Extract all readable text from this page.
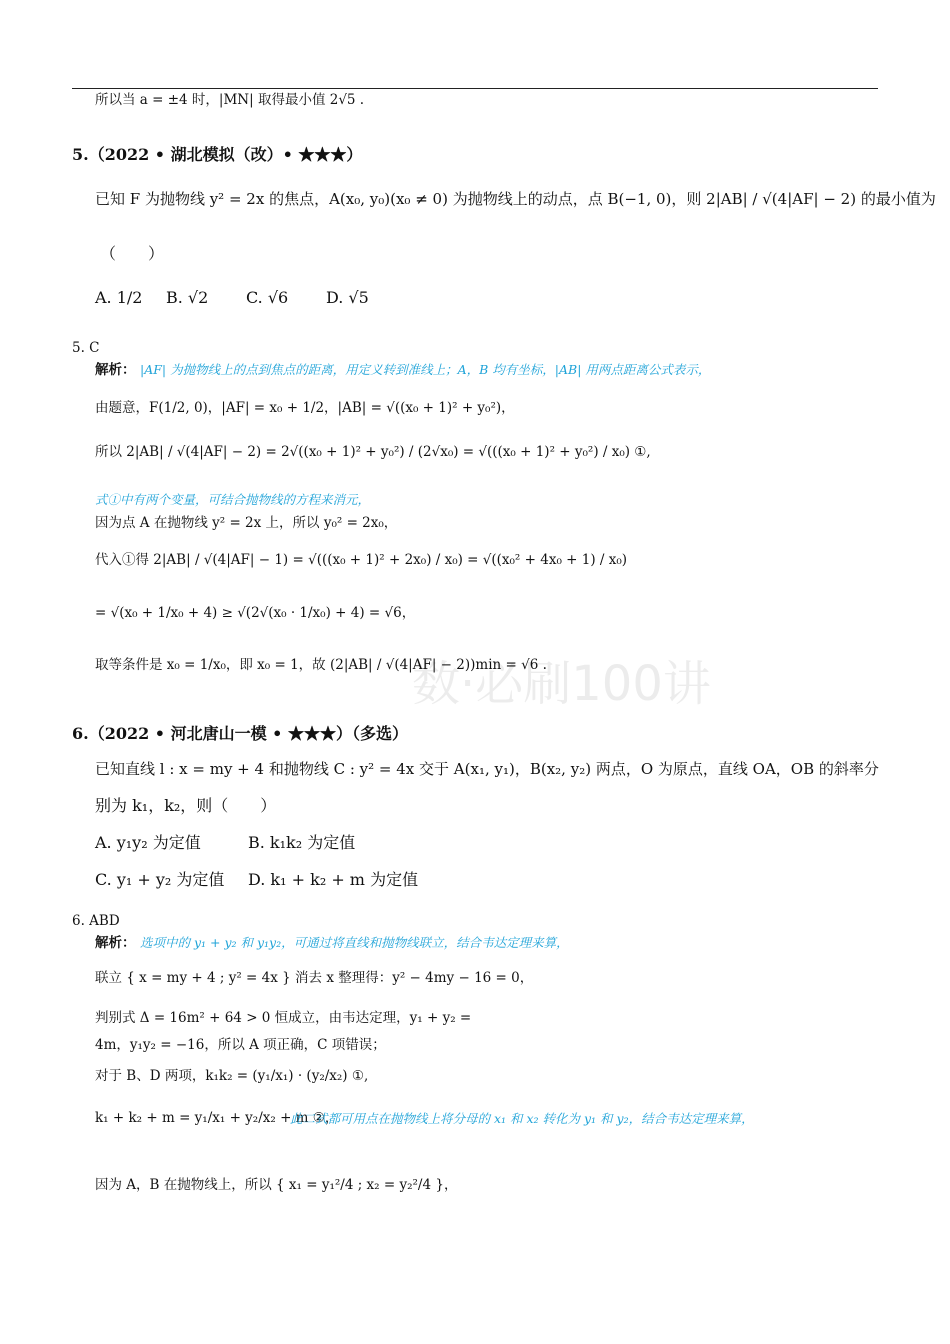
数·必刷100讲
所以当 a = ±4 时，|MN| 取得最小值 2√5 .
5.（2022 • 湖北模拟（改）• ★★★）
已知 F 为抛物线 y² = 2x 的焦点，A(x₀, y₀)(x₀ ≠ 0) 为抛物线上的动点，点 B(−1, 0)，则 2|AB| / √(4|AF| − 2) 的最小值为
（　　）
A. 1/2 B. √2 C. √6 D. √5
5. C
解析： |AF| 为抛物线上的点到焦点的距离，用定义转到准线上；A，B 均有坐标，|AB| 用两点距离公式表示，
由题意，F(1/2, 0)，|AF| = x₀ + 1/2，|AB| = √((x₀ + 1)² + y₀²)，
所以 2|AB| / √(4|AF| − 2) = 2√((x₀ + 1)² + y₀²) / (2√x₀) = √(((x₀ + 1)² + y₀²) / x₀) ①,
式①中有两个变量，可结合抛物线的方程来消元，
因为点 A 在抛物线 y² = 2x 上，所以 y₀² = 2x₀，
代入①得 2|AB| / √(4|AF| − 1) = √(((x₀ + 1)² + 2x₀) / x₀) = √((x₀² + 4x₀ + 1) / x₀)
= √(x₀ + 1/x₀ + 4) ≥ √(2√(x₀ · 1/x₀) + 4) = √6，
取等条件是 x₀ = 1/x₀，即 x₀ = 1，故 (2|AB| / √(4|AF| − 2))min = √6 .
6.（2022 • 河北唐山一模 • ★★★）（多选）
已知直线 l : x = my + 4 和抛物线 C : y² = 4x 交于 A(x₁, y₁)，B(x₂, y₂) 两点，O 为原点，直线 OA，OB 的斜率分
别为 k₁，k₂，则（　　）
A. y₁y₂ 为定值	B. k₁k₂ 为定值
C. y₁ + y₂ 为定值 D. k₁ + k₂ + m 为定值
6. ABD
解析： 选项中的 y₁ + y₂ 和 y₁y₂，可通过将直线和抛物线联立，结合韦达定理来算，
联立 { x = my + 4 ; y² = 4x } 消去 x 整理得：y² − 4my − 16 = 0，
判别式 Δ = 16m² + 64 > 0 恒成立，由韦达定理，y₁ + y₂ =
4m，y₁y₂ = −16，所以 A 项正确，C 项错误；
对于 B、D 两项，k₁k₂ = (y₁/x₁) · (y₂/x₂) ①,
k₁ + k₂ + m = y₁/x₁ + y₂/x₂ + m ②，
此二式都可用点在抛物线上将分母的 x₁ 和 x₂ 转化为 y₁ 和 y₂，结合韦达定理来算，
因为 A，B 在抛物线上，所以 { x₁ = y₁²/4 ; x₂ = y₂²/4 }，
